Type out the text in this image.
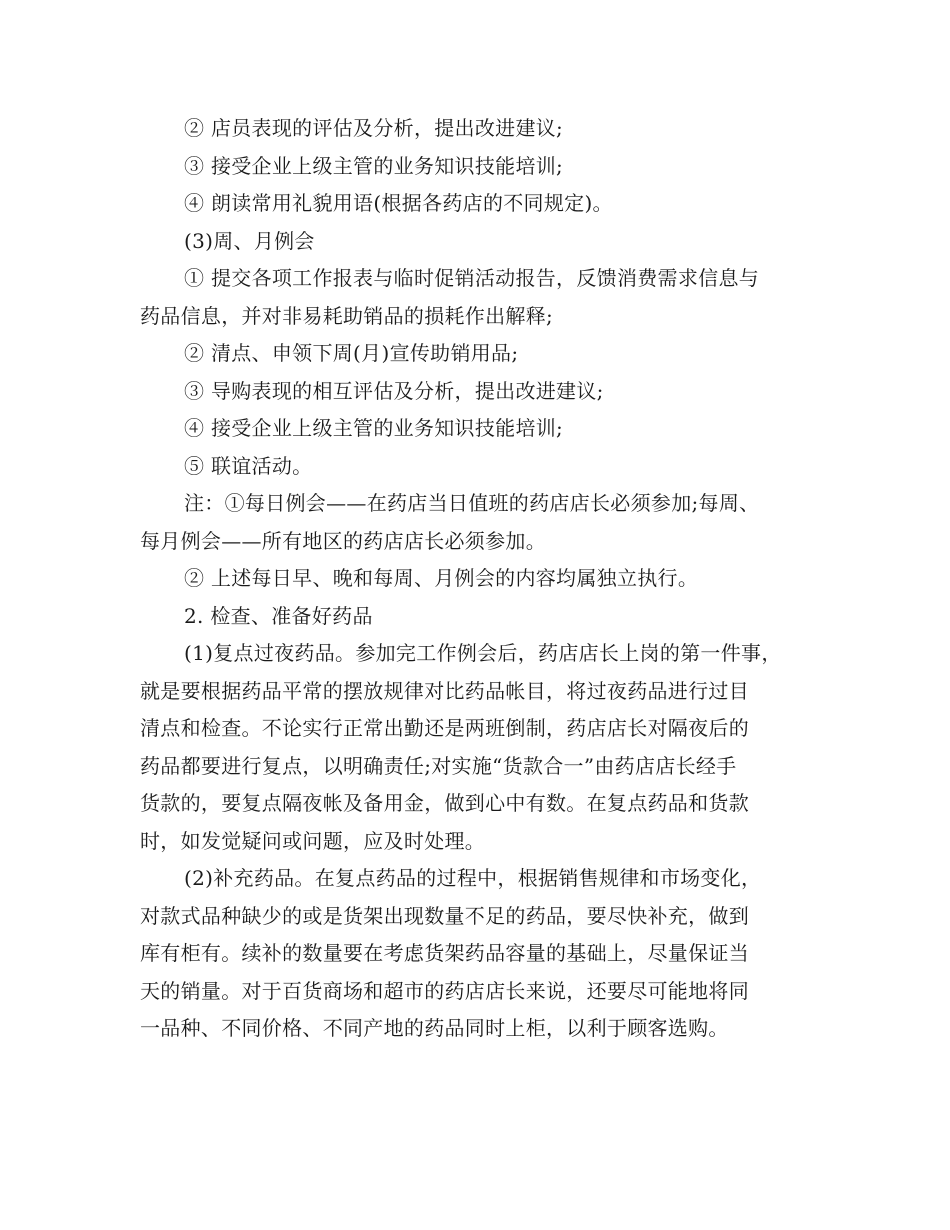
② 店员表现的评估及分析，提出改进建议;
③ 接受企业上级主管的业务知识技能培训;
④ 朗读常用礼貌用语(根据各药店的不同规定)。
(3)周、月例会
① 提交各项工作报表与临时促销活动报告，反馈消费需求信息与
药品信息，并对非易耗助销品的损耗作出解释;
② 清点、申领下周(月)宣传助销用品;
③ 导购表现的相互评估及分析，提出改进建议;
④ 接受企业上级主管的业务知识技能培训;
⑤ 联谊活动。
注：①每日例会——在药店当日值班的药店店长必须参加;每周、
每月例会——所有地区的药店店长必须参加。
② 上述每日早、晚和每周、月例会的内容均属独立执行。
2. 检查、准备好药品
(1)复点过夜药品。参加完工作例会后，药店店长上岗的第一件事，
就是要根据药品平常的摆放规律对比药品帐目，将过夜药品进行过目
清点和检查。不论实行正常出勤还是两班倒制，药店店长对隔夜后的
药品都要进行复点，以明确责任;对实施“货款合一”由药店店长经手
货款的，要复点隔夜帐及备用金，做到心中有数。在复点药品和货款
时，如发觉疑问或问题，应及时处理。
(2)补充药品。在复点药品的过程中，根据销售规律和市场变化，
对款式品种缺少的或是货架出现数量不足的药品，要尽快补充，做到
库有柜有。续补的数量要在考虑货架药品容量的基础上，尽量保证当
天的销量。对于百货商场和超市的药店店长来说，还要尽可能地将同
一品种、不同价格、不同产地的药品同时上柜，以利于顾客选购。
